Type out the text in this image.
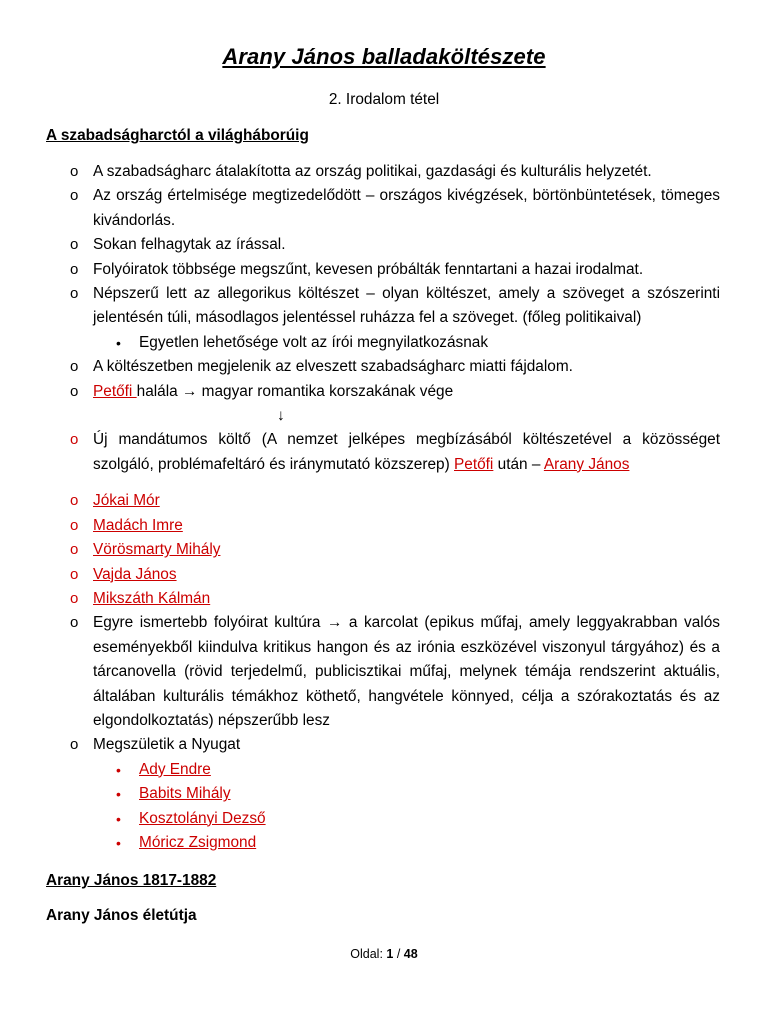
Arany János balladaköltészete
2. Irodalom tétel
A szabadságharctól a világháborúig
o A szabadságharc átalakította az ország politikai, gazdasági és kulturális helyzetét.
o Az ország értelmisége megtizedelődött – országos kivégzések, börtönbüntetések, tömeges kivándorlás.
o Sokan felhagytak az írással.
o Folyóiratok többsége megszűnt, kevesen próbálták fenntartani a hazai irodalmat.
o Népszerű lett az allegorikus költészet – olyan költészet, amely a szöveget a szószerinti jelentésén túli, másodlagos jelentéssel ruházza fel a szöveget. (főleg politikaival)
• Egyetlen lehetősége volt az írói megnyilatkozásnak
o A költészetben megjelenik az elveszett szabadságharc miatti fájdalom.
o Petőfi halála → magyar romantika korszakának vége
↓
o Új mandátumos költő (A nemzet jelképes megbízásából költészetével a közösséget szolgáló, problémafeltáró és iránymutató közszerep) Petőfi után – Arany János
o Jókai Mór
o Madách Imre
o Vörösmarty Mihály
o Vajda János
o Mikszáth Kálmán
o Egyre ismertebb folyóirat kultúra → a karcolat (epikus műfaj, amely leggyakrabban valós eseményekből kiindulva kritikus hangon és az irónia eszközével viszonyul tárgyához) és a tárcanovella (rövid terjedelmű, publicisztikai műfaj, melynek témája rendszerint aktuális, általában kulturális témákhoz köthető, hangvétele könnyed, célja a szórakoztatás és az elgondolkoztatás) népszerűbb lesz
o Megszületik a Nyugat
• Ady Endre
• Babits Mihály
• Kosztolányi Dezső
• Móricz Zsigmond
Arany János 1817-1882
Arany János életútja
Oldal: 1 / 48
